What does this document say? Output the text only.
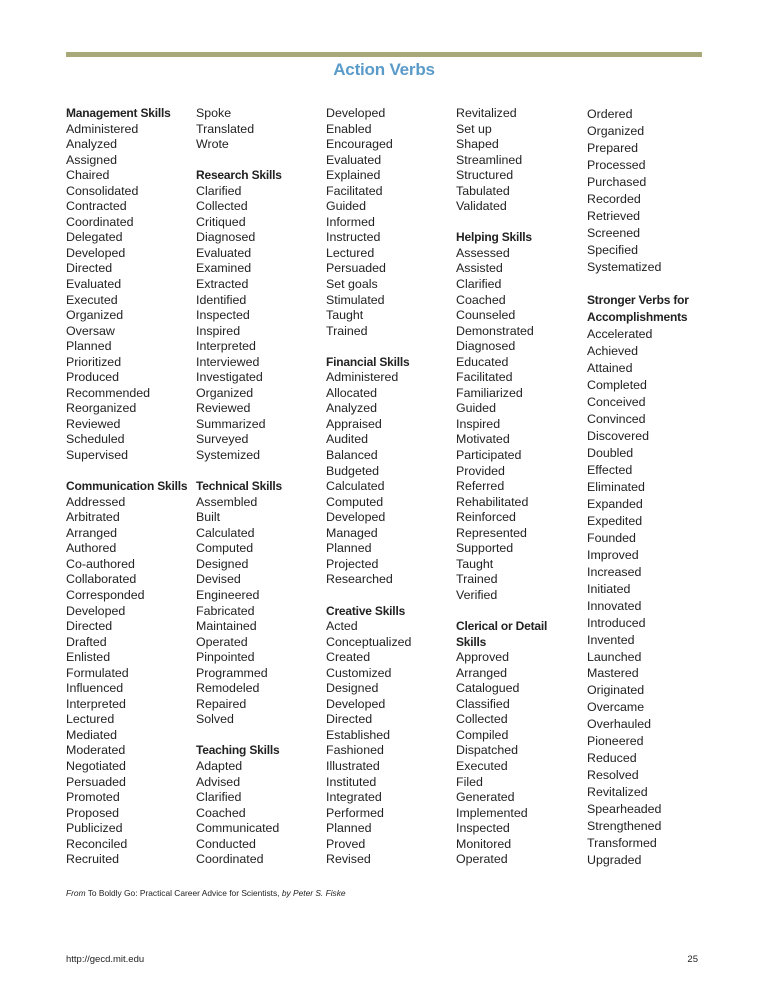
Action Verbs
Management Skills
Administered
Analyzed
Assigned
Chaired
Consolidated
Contracted
Coordinated
Delegated
Developed
Directed
Evaluated
Executed
Organized
Oversaw
Planned
Prioritized
Produced
Recommended
Reorganized
Reviewed
Scheduled
Supervised
Communication Skills
Addressed
Arbitrated
Arranged
Authored
Co-authored
Collaborated
Corresponded
Developed
Directed
Drafted
Enlisted
Formulated
Influenced
Interpreted
Lectured
Mediated
Moderated
Negotiated
Persuaded
Promoted
Proposed
Publicized
Reconciled
Recruited
Spoke
Translated
Wrote
Research Skills
Clarified
Collected
Critiqued
Diagnosed
Evaluated
Examined
Extracted
Identified
Inspected
Inspired
Interpreted
Interviewed
Investigated
Organized
Reviewed
Summarized
Surveyed
Systemized
Technical Skills
Assembled
Built
Calculated
Computed
Designed
Devised
Engineered
Fabricated
Maintained
Operated
Pinpointed
Programmed
Remodeled
Repaired
Solved
Teaching Skills
Adapted
Advised
Clarified
Coached
Communicated
Conducted
Coordinated
Developed
Enabled
Encouraged
Evaluated
Explained
Facilitated
Guided
Informed
Instructed
Lectured
Persuaded
Set goals
Stimulated
Taught
Trained
Financial Skills
Administered
Allocated
Analyzed
Appraised
Audited
Balanced
Budgeted
Calculated
Computed
Developed
Managed
Planned
Projected
Researched
Creative Skills
Acted
Conceptualized
Created
Customized
Designed
Developed
Directed
Established
Fashioned
Illustrated
Instituted
Integrated
Performed
Planned
Proved
Revised
Revitalized
Set up
Shaped
Streamlined
Structured
Tabulated
Validated
Helping Skills
Assessed
Assisted
Clarified
Coached
Counseled
Demonstrated
Diagnosed
Educated
Facilitated
Familiarized
Guided
Inspired
Motivated
Participated
Provided
Referred
Rehabilitated
Reinforced
Represented
Supported
Taught
Trained
Verified
Clerical or Detail
Skills
Approved
Arranged
Catalogued
Classified
Collected
Compiled
Dispatched
Executed
Filed
Generated
Implemented
Inspected
Monitored
Operated
Ordered
Organized
Prepared
Processed
Purchased
Recorded
Retrieved
Screened
Specified
Systematized
Stronger Verbs for
Accomplishments
Accelerated
Achieved
Attained
Completed
Conceived
Convinced
Discovered
Doubled
Effected
Eliminated
Expanded
Expedited
Founded
Improved
Increased
Initiated
Innovated
Introduced
Invented
Launched
Mastered
Originated
Overcame
Overhauled
Pioneered
Reduced
Resolved
Revitalized
Spearheaded
Strengthened
Transformed
Upgraded
From To Boldly Go: Practical Career Advice for Scientists, by Peter S. Fiske
http://gecd.mit.edu	25
